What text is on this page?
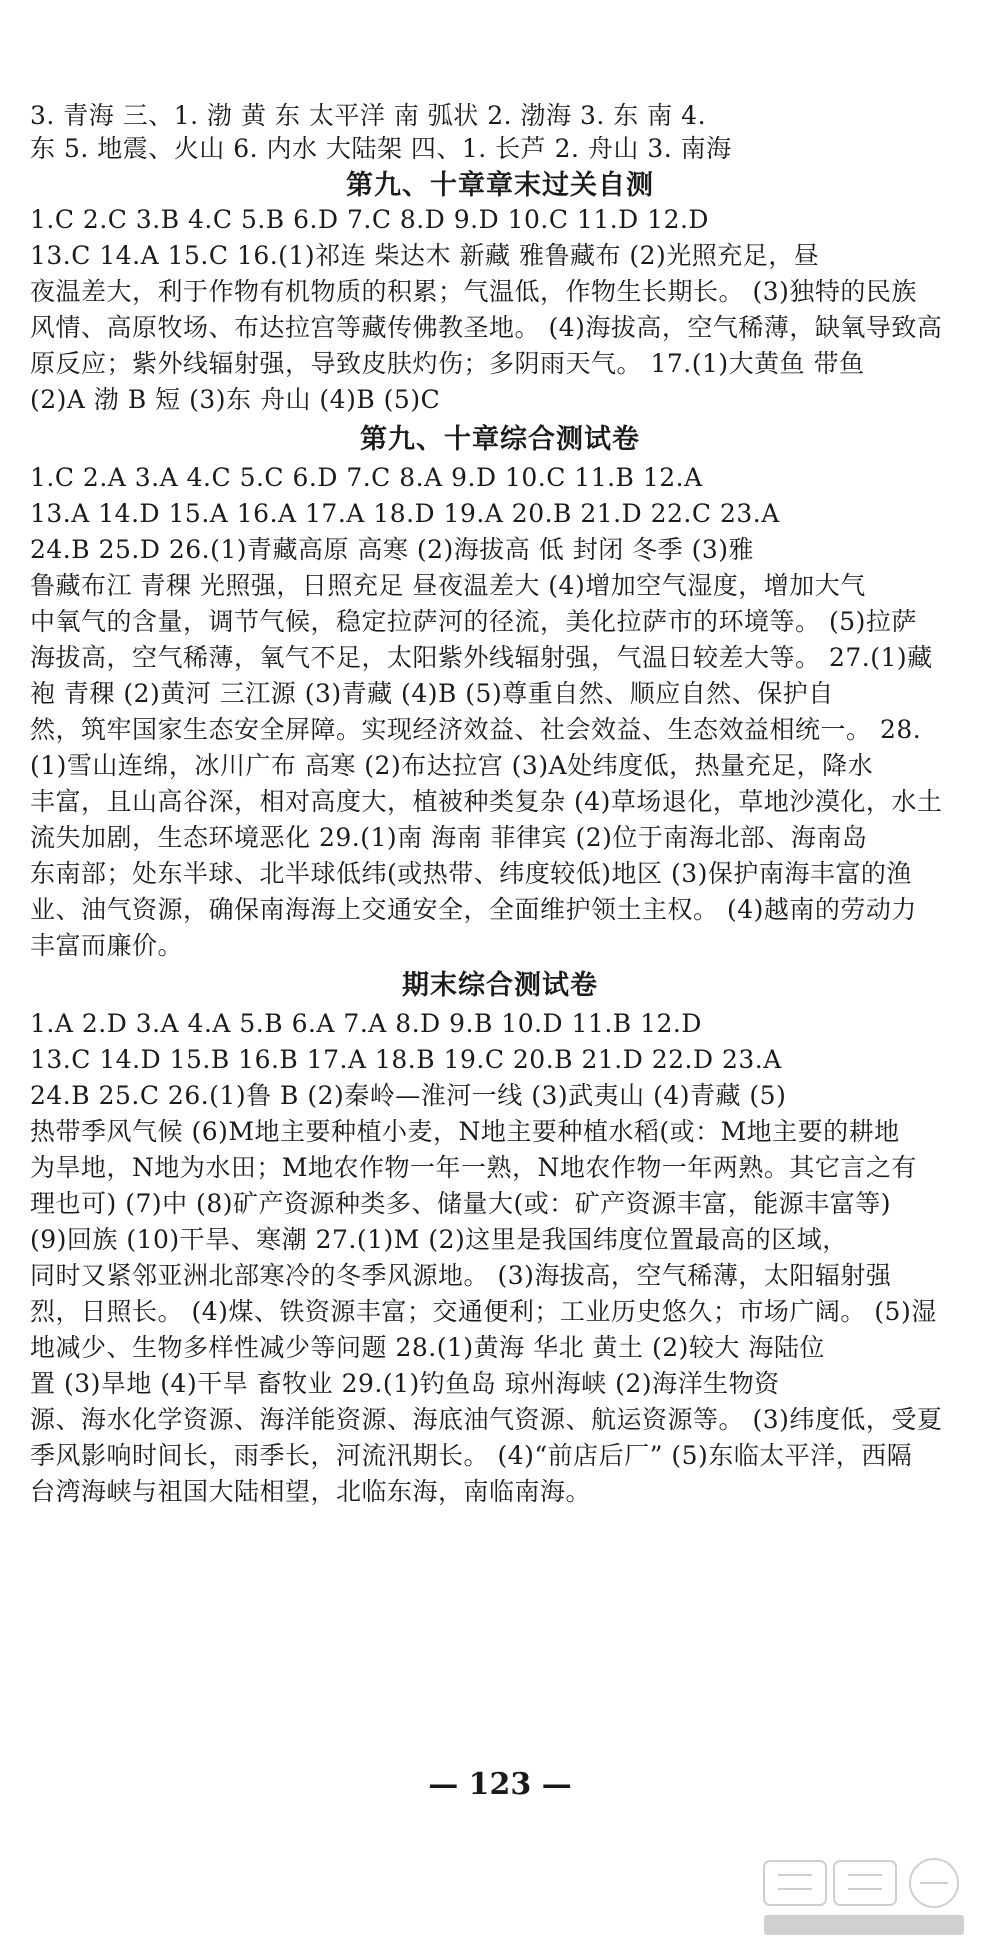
3. 青海 三、1. 渤 黄 东 太平洋 南 弧状 2. 渤海 3. 东 南 4.
东 5. 地震、火山 6. 内水 大陆架 四、1. 长芦 2. 舟山 3. 南海
第九、十章章末过关自测
1.C 2.C 3.B 4.C 5.B 6.D 7.C 8.D 9.D 10.C 11.D 12.D
13.C 14.A 15.C 16.(1)祁连 柴达木 新藏 雅鲁藏布 (2)光照充足，昼
夜温差大，利于作物有机物质的积累；气温低，作物生长期长。 (3)独特的民族
风情、高原牧场、布达拉宫等藏传佛教圣地。 (4)海拔高，空气稀薄，缺氧导致高
原反应；紫外线辐射强，导致皮肤灼伤；多阴雨天气。 17.(1)大黄鱼 带鱼
(2)A 渤 B 短 (3)东 舟山 (4)B (5)C
第九、十章综合测试卷
1.C 2.A 3.A 4.C 5.C 6.D 7.C 8.A 9.D 10.C 11.B 12.A
13.A 14.D 15.A 16.A 17.A 18.D 19.A 20.B 21.D 22.C 23.A
24.B 25.D 26.(1)青藏高原 高寒 (2)海拔高 低 封闭 冬季 (3)雅
鲁藏布江 青稞 光照强，日照充足 昼夜温差大 (4)增加空气湿度，增加大气
中氧气的含量，调节气候，稳定拉萨河的径流，美化拉萨市的环境等。 (5)拉萨
海拔高，空气稀薄，氧气不足，太阳紫外线辐射强，气温日较差大等。 27.(1)藏
袍 青稞 (2)黄河 三江源 (3)青藏 (4)B (5)尊重自然、顺应自然、保护自
然，筑牢国家生态安全屏障。实现经济效益、社会效益、生态效益相统一。 28.
(1)雪山连绵，冰川广布 高寒 (2)布达拉宫 (3)A处纬度低，热量充足，降水
丰富，且山高谷深，相对高度大，植被种类复杂 (4)草场退化，草地沙漠化，水土
流失加剧，生态环境恶化 29.(1)南 海南 菲律宾 (2)位于南海北部、海南岛
东南部；处东半球、北半球低纬(或热带、纬度较低)地区 (3)保护南海丰富的渔
业、油气资源，确保南海海上交通安全，全面维护领土主权。 (4)越南的劳动力
丰富而廉价。
期末综合测试卷
1.A 2.D 3.A 4.A 5.B 6.A 7.A 8.D 9.B 10.D 11.B 12.D
13.C 14.D 15.B 16.B 17.A 18.B 19.C 20.B 21.D 22.D 23.A
24.B 25.C 26.(1)鲁 B (2)秦岭—淮河一线 (3)武夷山 (4)青藏 (5)
热带季风气候 (6)M地主要种植小麦，N地主要种植水稻(或：M地主要的耕地
为旱地，N地为水田；M地农作物一年一熟，N地农作物一年两熟。其它言之有
理也可) (7)中 (8)矿产资源种类多、储量大(或：矿产资源丰富，能源丰富等)
(9)回族 (10)干旱、寒潮 27.(1)M (2)这里是我国纬度位置最高的区域，
同时又紧邻亚洲北部寒冷的冬季风源地。 (3)海拔高，空气稀薄，太阳辐射强
烈，日照长。 (4)煤、铁资源丰富；交通便利；工业历史悠久；市场广阔。 (5)湿
地减少、生物多样性减少等问题 28.(1)黄海 华北 黄土 (2)较大 海陆位
置 (3)旱地 (4)干旱 畜牧业 29.(1)钓鱼岛 琼州海峡 (2)海洋生物资
源、海水化学资源、海洋能资源、海底油气资源、航运资源等。 (3)纬度低，受夏
季风影响时间长，雨季长，河流汛期长。 (4)“前店后厂” (5)东临太平洋，西隔
台湾海峡与祖国大陆相望，北临东海，南临南海。
— 123 —
